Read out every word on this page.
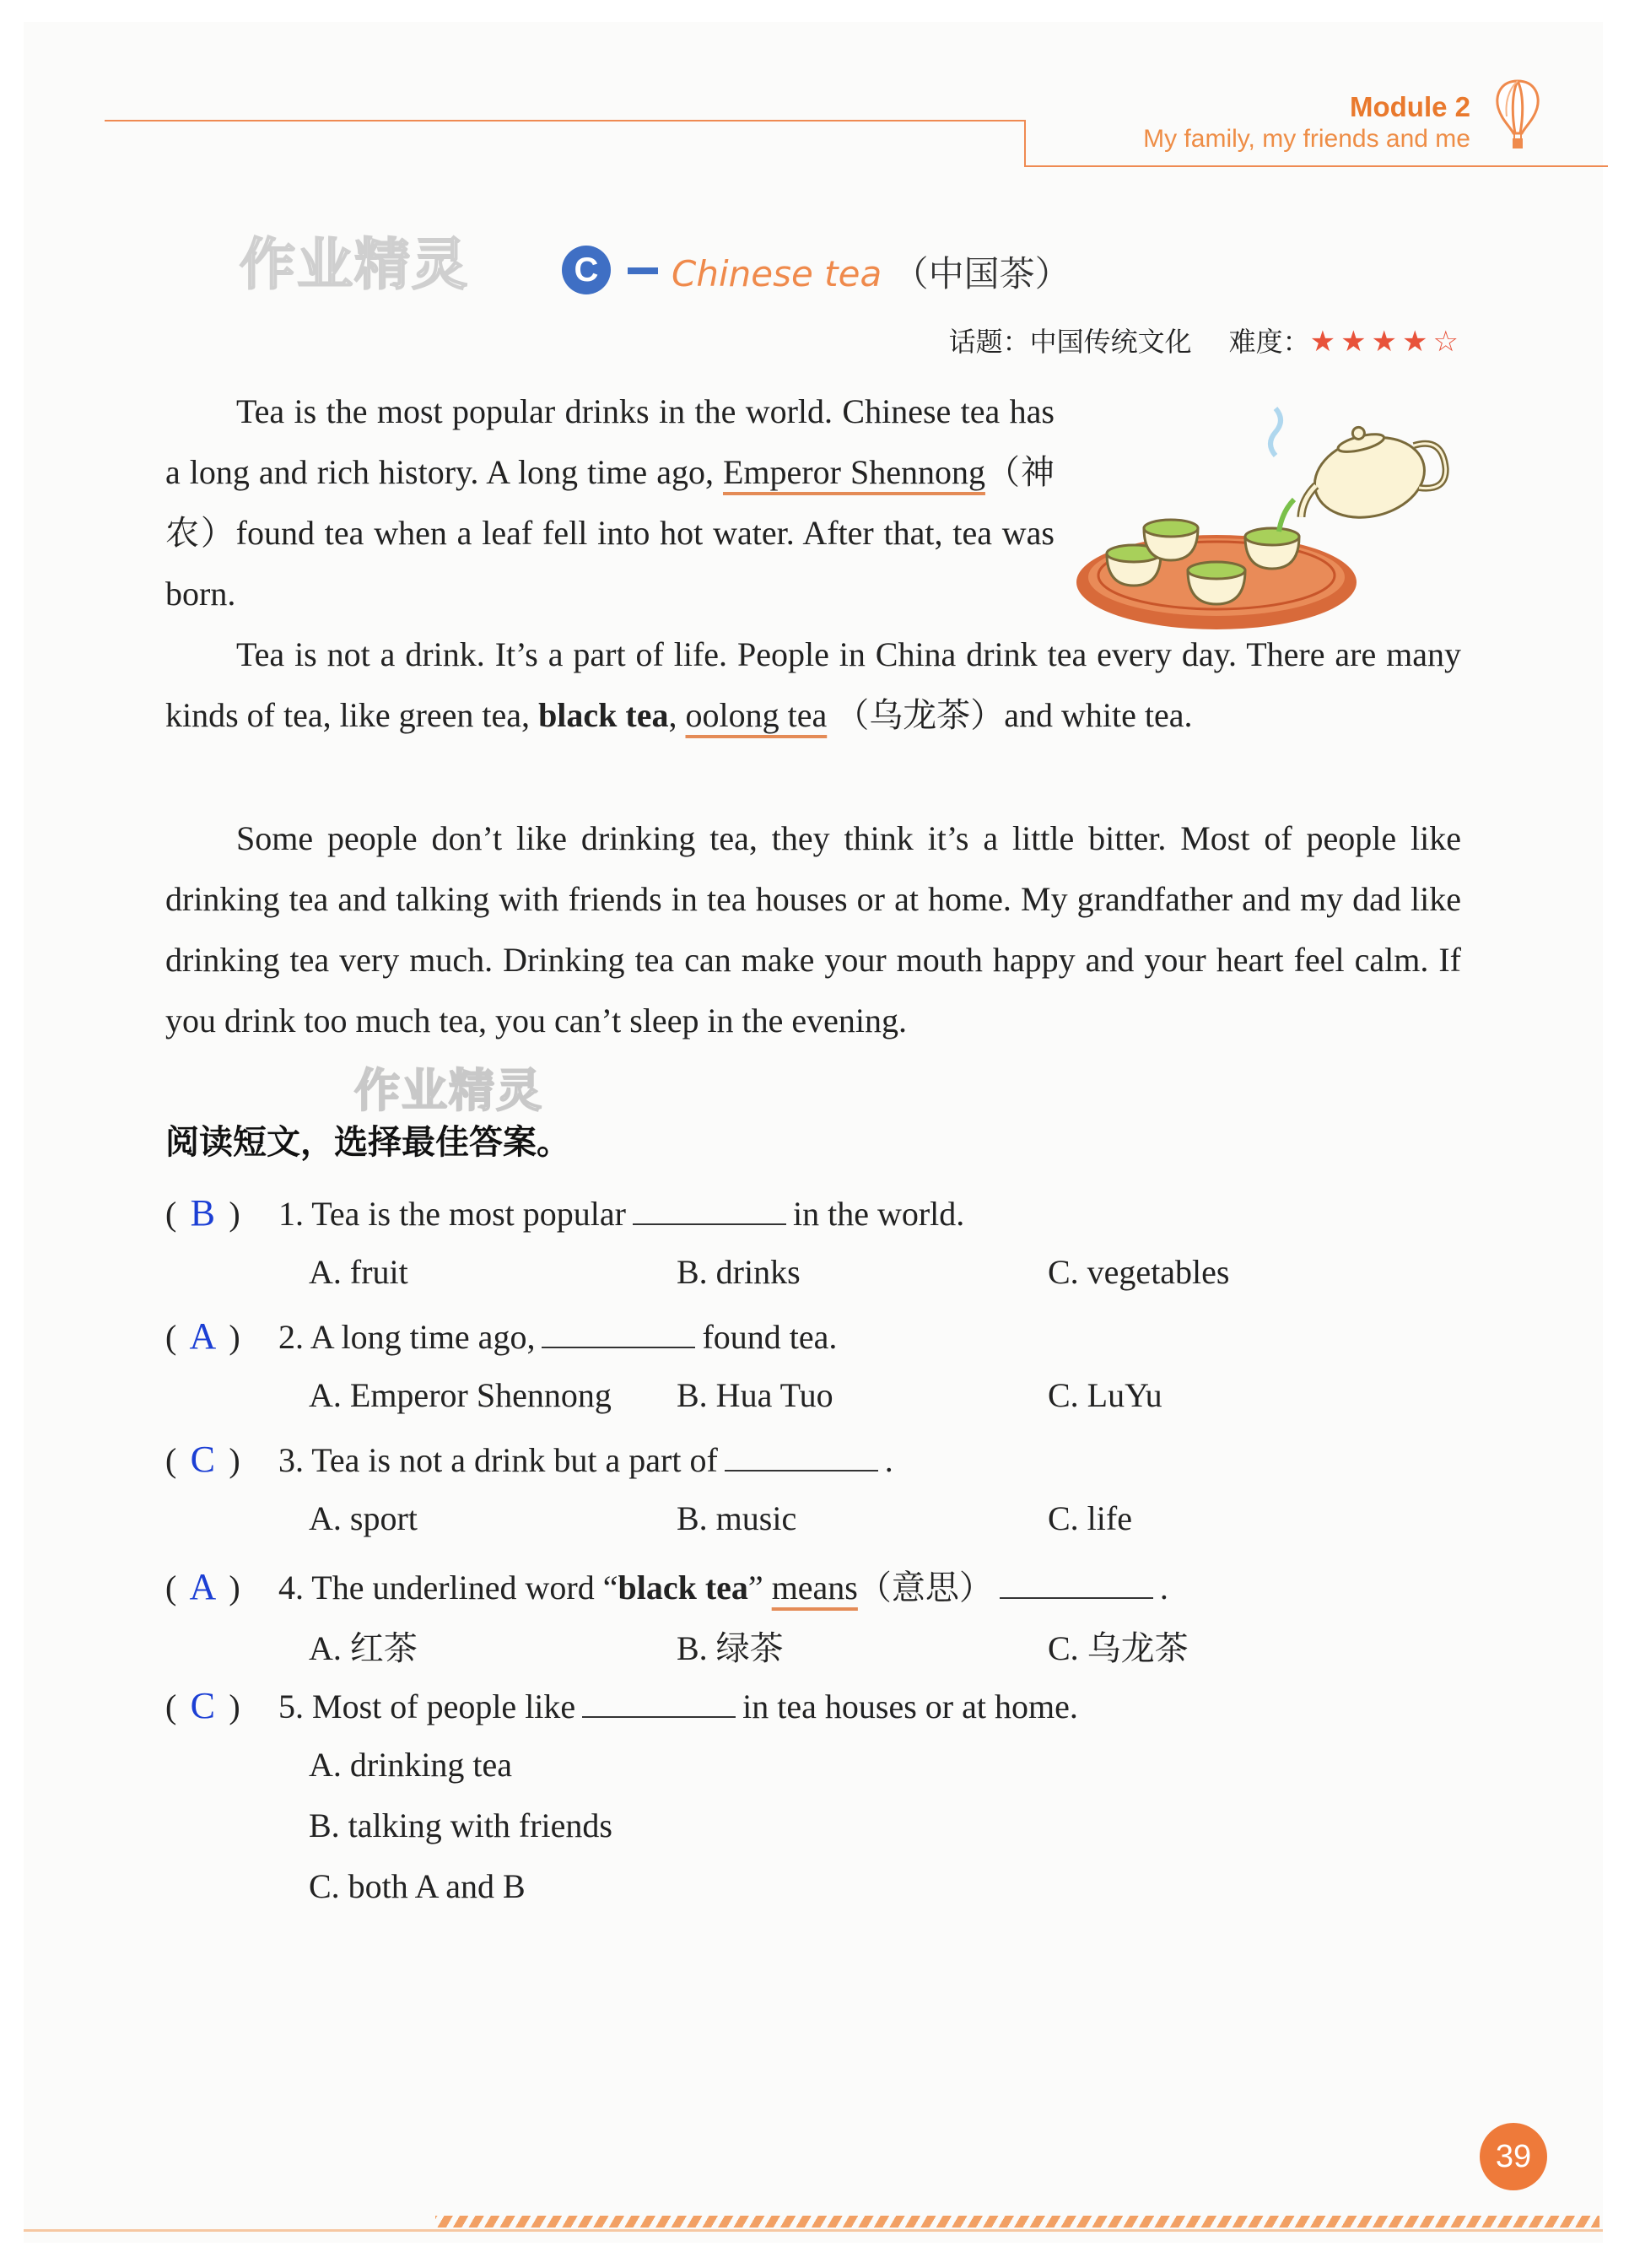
Module 2
My family, my friends and me
作业精灵
作业精灵
C	Chinese tea （中国茶）
话题：中国传统文化 难度：★★★★☆
Tea is the most popular drinks in the world. Chinese tea has a long and rich history. A long time ago, Emperor Shennong（神农）found tea when a leaf fell into hot water. After that, tea was born.
Tea is not a drink. It’s a part of life. People in China drink tea every day. There are many kinds of tea, like green tea, black tea, oolong tea （乌龙茶）and white tea.
Some people don’t like drinking tea, they think it’s a little bitter. Most of people like drinking tea and talking with friends in tea houses or at home. My grandfather and my dad like drinking tea very much. Drinking tea can make your mouth happy and your heart feel calm. If you drink too much tea, you can’t sleep in the evening.
阅读短文，选择最佳答案。
( B ) 1. Tea is the most popular	in the world.
A. fruit	B. drinks	C. vegetables
( A ) 2. A long time ago,	found tea.
A. Emperor Shennong B. Hua Tuo	C. LuYu
( C ) 3. Tea is not a drink but a part of	.
A. sport	B. music	C. life
( A ) 4. The underlined word “black tea” means（意思）	.
A. 红茶	B. 绿茶	C. 乌龙茶
( C ) 5. Most of people like	in tea houses or at home.
A. drinking tea
B. talking with friends
C. both A and B
39
